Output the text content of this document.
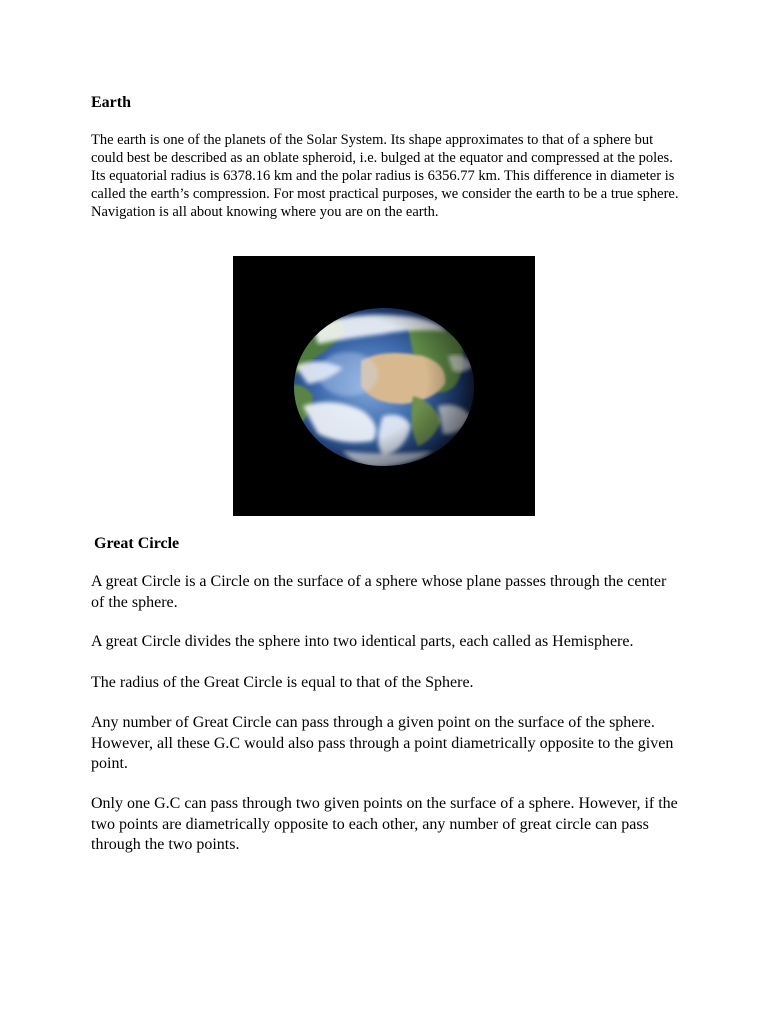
Earth

The earth is one of the planets of the Solar System. Its shape approximates to that of a sphere but could best be described as an oblate spheroid, i.e. bulged at the equator and compressed at the poles. Its equatorial radius is 6378.16 km and the polar radius is 6356.77 km. This difference in diameter is called the earth’s compression. For most practical purposes, we consider the earth to be a true sphere. Navigation is all about knowing where you are on the earth.

Great Circle

A great Circle is a Circle on the surface of a sphere whose plane passes through the center of the sphere.

A great Circle divides the sphere into two identical parts, each called as Hemisphere.

The radius of the Great Circle is equal to that of the Sphere.

Any number of Great Circle can pass through a given point on the surface of the sphere. However, all these G.C would also pass through a point diametrically opposite to the given point.

Only one G.C can pass through two given points on the surface of a sphere. However, if the two points are diametrically opposite to each other, any number of great circle can pass through the two points.
